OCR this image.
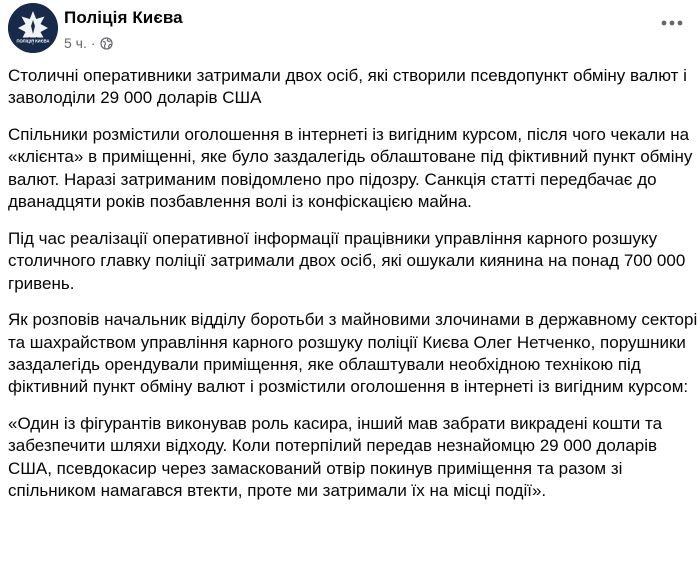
ПОЛІЦІЯ КИЄВА
Поліція Києва
5 ч. ·

Столичні оперативники затримали двох осіб, які створили псевдопункт обміну валют і заволоділи 29 000 доларів США

Спільники розмістили оголошення в інтернеті із вигідним курсом, після чого чекали на «клієнта» в приміщенні, яке було заздалегідь облаштоване під фіктивний пункт обміну валют. Наразі затриманим повідомлено про підозру. Санкція статті передбачає до дванадцяти років позбавлення волі із конфіскацією майна.

Під час реалізації оперативної інформації працівники управління карного розшуку столичного главку поліції затримали двох осіб, які ошукали киянина на понад 700 000 гривень.

Як розповів начальник відділу боротьби з майновими злочинами в державному секторі та шахрайством управління карного розшуку поліції Києва Олег Нетченко, порушники заздалегідь орендували приміщення, яке облаштували необхідною технікою під фіктивний пункт обміну валют і розмістили оголошення в інтернеті із вигідним курсом:

«Один із фігурантів виконував роль касира, інший мав забрати викрадені кошти та забезпечити шляхи відходу. Коли потерпілий передав незнайомцю 29 000 доларів США, псевдокасир через замаскований отвір покинув приміщення та разом зі спільником намагався втекти, проте ми затримали їх на місці події».
